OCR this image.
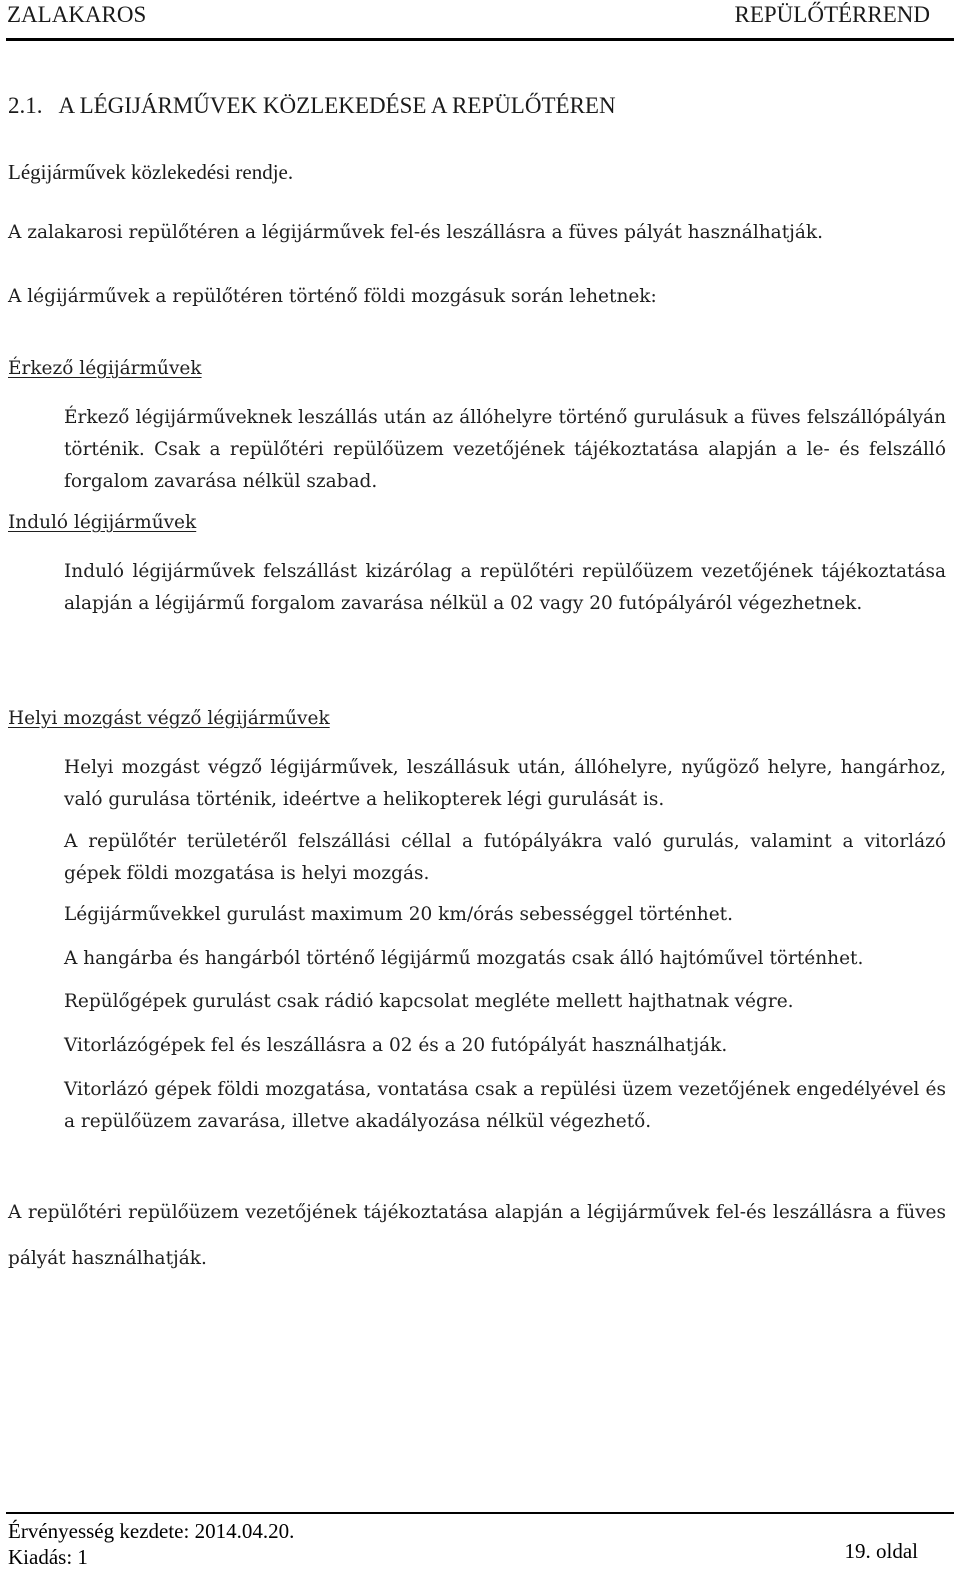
ZALAKAROS	REPÜLŐTÉRREND
2.1.   A LÉGIJÁRMŰVEK KÖZLEKEDÉSE A REPÜLŐTÉREN
Légijárművek közlekedési rendje.
A zalakarosi repülőtéren a légijárművek fel-és leszállásra a füves pályát használhatják.
A légijárművek a repülőtéren történő földi mozgásuk során lehetnek:
Érkező légijárművek
Érkező légijárműveknek leszállás után az állóhelyre történő gurulásuk a füves felszállópályán történik. Csak a repülőtéri repülőüzem vezetőjének tájékoztatása alapján a le- és felszálló forgalom zavarása nélkül szabad.
Induló légijárművek
Induló légijárművek felszállást kizárólag a repülőtéri repülőüzem vezetőjének tájékoztatása alapján a légijármű forgalom zavarása nélkül a 02 vagy 20 futópályáról végezhetnek.
Helyi mozgást végző légijárművek
Helyi mozgást végző légijárművek, leszállásuk után, állóhelyre, nyűgöző helyre, hangárhoz, való gurulása történik, ideértve a helikopterek légi gurulását is.
A repülőtér területéről felszállási céllal a futópályákra való gurulás, valamint a vitorlázó gépek földi mozgatása is helyi mozgás.
Légijárművekkel gurulást maximum 20 km/órás sebességgel történhet.
A hangárba és hangárból történő légijármű mozgatás csak álló hajtóművel történhet.
Repülőgépek gurulást csak rádió kapcsolat megléte mellett hajthatnak végre.
Vitorlázógépek fel és leszállásra a 02 és a 20 futópályát használhatják.
Vitorlázó gépek földi mozgatása, vontatása csak a repülési üzem vezetőjének engedélyével és a repülőüzem zavarása, illetve akadályozása nélkül végezhető.
A repülőtéri repülőüzem vezetőjének tájékoztatása alapján a légijárművek fel-és leszállásra a füves pályát használhatják.
Érvényesség kezdete: 2014.04.20.
Kiadás: 1	19. oldal
